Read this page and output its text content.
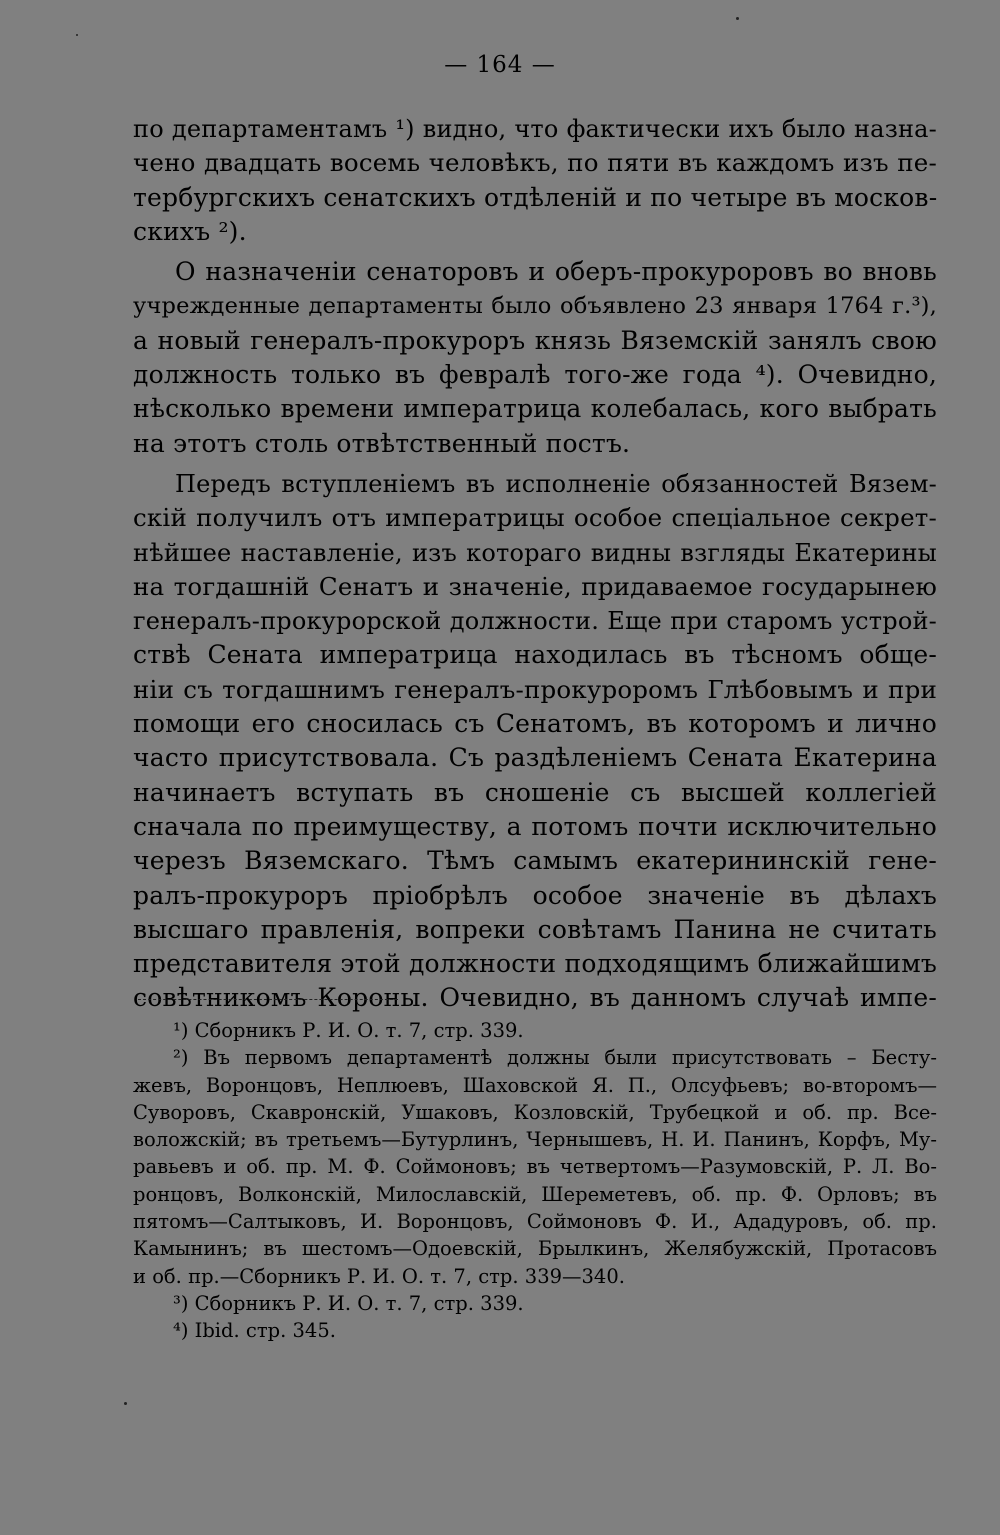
— 164 —
по департаментамъ ¹) видно, что фактически ихъ было назна-
чено двадцать восемь человѣкъ, по пяти въ каждомъ изъ пе-
тербургскихъ сенатскихъ отдѣленій и по четыре въ москов-
скихъ ²).
О назначеніи сенаторовъ и оберъ-прокуроровъ во вновь
учрежденные департаменты было объявлено 23 января 1764 г.³),
а новый генералъ-прокуроръ князь Вяземскій занялъ свою
должность только въ февралѣ того-же года ⁴). Очевидно,
нѣсколько времени императрица колебалась, кого выбрать
на этотъ столь отвѣтственный постъ.
Передъ вступленіемъ въ исполненіе обязанностей Вязем-
скій получилъ отъ императрицы особое спеціальное секрет-
нѣйшее наставленіе, изъ котораго видны взгляды Екатерины
на тогдашній Сенатъ и значеніе, придаваемое государынею
генералъ-прокурорской должности. Еще при старомъ устрой-
ствѣ Сената императрица находилась въ тѣсномъ обще-
ніи съ тогдашнимъ генералъ-прокуроромъ Глѣбовымъ и при
помощи его сносилась съ Сенатомъ, въ которомъ и лично
часто присутствовала. Съ раздѣленіемъ Сената Екатерина
начинаетъ вступать въ сношеніе съ высшей коллегіей
сначала по преимуществу, а потомъ почти исключительно
черезъ Вяземскаго. Тѣмъ самымъ екатерининскій гене-
ралъ-прокуроръ пріобрѣлъ особое значеніе въ дѣлахъ
высшаго правленія, вопреки совѣтамъ Панина не считать
представителя этой должности подходящимъ ближайшимъ
совѣтникомъ Короны. Очевидно, въ данномъ случаѣ импе-
¹) Сборникъ Р. И. О. т. 7, стр. 339.
²) Въ первомъ департаментѣ должны были присутствовать – Бесту-
жевъ, Воронцовъ, Неплюевъ, Шаховской Я. П., Олсуфьевъ; во-второмъ—
Суворовъ, Скавронскій, Ушаковъ, Козловскій, Трубецкой и об. пр. Все-
воложскій; въ третьемъ—Бутурлинъ, Чернышевъ, Н. И. Панинъ, Корфъ, Му-
равьевъ и об. пр. М. Ф. Соймоновъ; въ четвертомъ—Разумовскій, Р. Л. Во-
ронцовъ, Волконскій, Милославскій, Шереметевъ, об. пр. Ф. Орловъ; въ
пятомъ—Салтыковъ, И. Воронцовъ, Соймоновъ Ф. И., Ададуровъ, об. пр.
Камынинъ; въ шестомъ—Одоевскій, Брылкинъ, Желябужскій, Протасовъ
и об. пр.—Сборникъ Р. И. О. т. 7, стр. 339—340.
³) Сборникъ Р. И. О. т. 7, стр. 339.
⁴) Ibid. стр. 345.
